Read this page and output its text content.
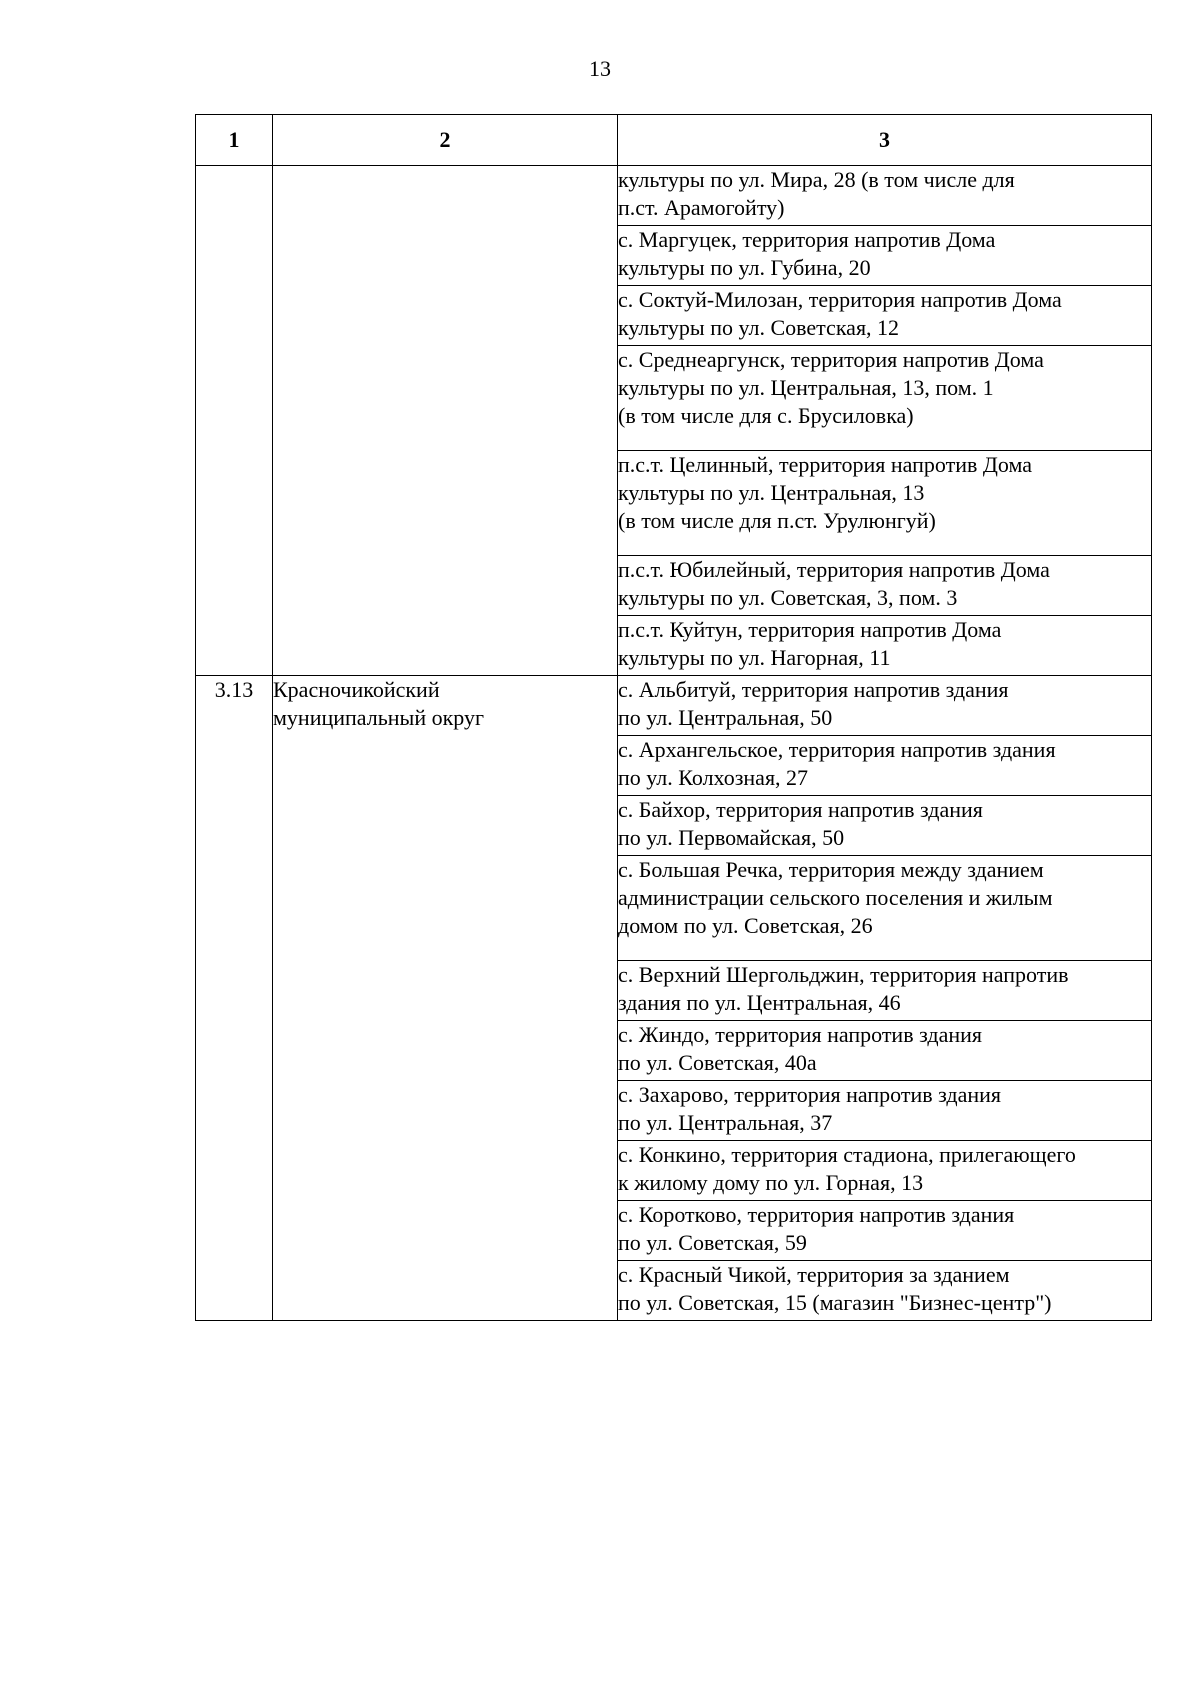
13
1	2	3

		культуры по ул. Мира, 28 (в том числе для
п.ст. Арамогойту)

		с. Маргуцек, территория напротив Дома
культуры по ул. Губина, 20

		с. Соктуй-Милозан, территория напротив Дома
культуры по ул. Советская, 12

		с. Среднеаргунск, территория напротив Дома
культуры по ул. Центральная, 13, пом. 1
(в том числе для с. Брусиловка)

		п.с.т. Целинный, территория напротив Дома
культуры по ул. Центральная, 13
(в том числе для п.ст. Урулюнгуй)

		п.с.т. Юбилейный, территория напротив Дома
культуры по ул. Советская, 3, пом. 3

		п.с.т. Куйтун, территория напротив Дома
культуры по ул. Нагорная, 11

3.13	Красночикойский
муниципальный округ	с. Альбитуй, территория напротив здания
по ул. Центральная, 50

		с. Архангельское, территория напротив здания
по ул. Колхозная, 27

		с. Байхор, территория напротив здания
по ул. Первомайская, 50

		с. Большая Речка, территория между зданием
администрации сельского поселения и жилым
домом по ул. Советская, 26

		с. Верхний Шергольджин, территория напротив
здания по ул. Центральная, 46

		с. Жиндо, территория напротив здания
по ул. Советская, 40а

		с. Захарово, территория напротив здания
по ул. Центральная, 37

		с. Конкино, территория стадиона, прилегающего
к жилому дому по ул. Горная, 13

		с. Коротково, территория напротив здания
по ул. Советская, 59

		с. Красный Чикой, территория за зданием
по ул. Советская, 15 (магазин "Бизнес-центр")
